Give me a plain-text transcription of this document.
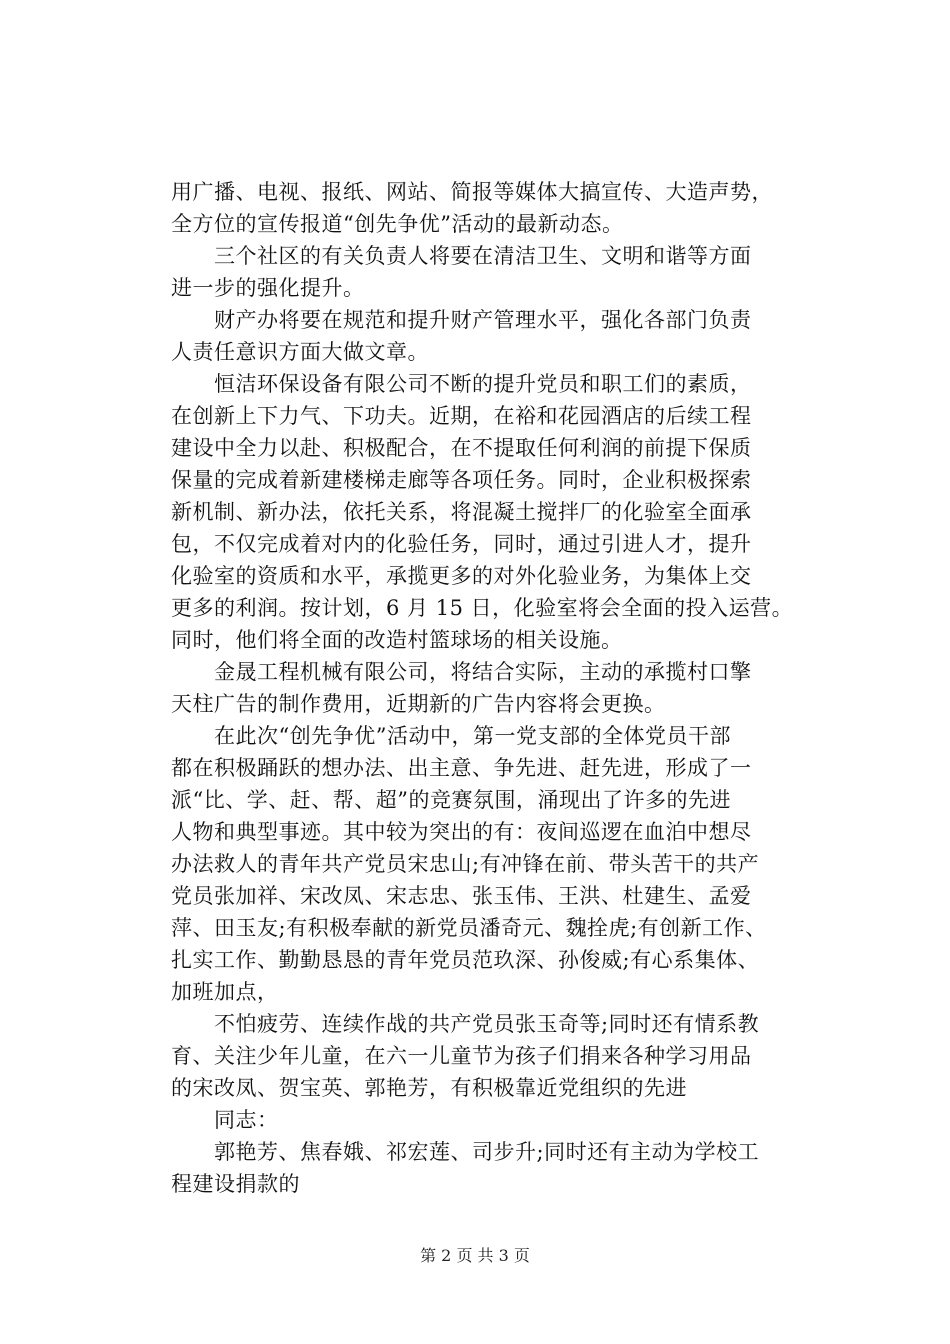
用广播、电视、报纸、网站、简报等媒体大搞宣传、大造声势，
全方位的宣传报道“创先争优”活动的最新动态。
　　三个社区的有关负责人将要在清洁卫生、文明和谐等方面
进一步的强化提升。
　　财产办将要在规范和提升财产管理水平，强化各部门负责
人责任意识方面大做文章。
　　恒洁环保设备有限公司不断的提升党员和职工们的素质，
在创新上下力气、下功夫。近期，在裕和花园酒店的后续工程
建设中全力以赴、积极配合，在不提取任何利润的前提下保质
保量的完成着新建楼梯走廊等各项任务。同时，企业积极探索
新机制、新办法，依托关系，将混凝土搅拌厂的化验室全面承
包，不仅完成着对内的化验任务，同时，通过引进人才，提升
化验室的资质和水平，承揽更多的对外化验业务，为集体上交
更多的利润。按计划，6 月 15 日，化验室将会全面的投入运营。
同时，他们将全面的改造村篮球场的相关设施。
　　金晟工程机械有限公司，将结合实际，主动的承揽村口擎
天柱广告的制作费用，近期新的广告内容将会更换。
　　在此次“创先争优”活动中，第一党支部的全体党员干部
都在积极踊跃的想办法、出主意、争先进、赶先进，形成了一
派“比、学、赶、帮、超”的竞赛氛围，涌现出了许多的先进
人物和典型事迹。其中较为突出的有：夜间巡逻在血泊中想尽
办法救人的青年共产党员宋忠山;有冲锋在前、带头苦干的共产
党员张加祥、宋改凤、宋志忠、张玉伟、王洪、杜建生、孟爱
萍、田玉友;有积极奉献的新党员潘奇元、魏拴虎;有创新工作、
扎实工作、勤勤恳恳的青年党员范玖深、孙俊威;有心系集体、
加班加点，
　　不怕疲劳、连续作战的共产党员张玉奇等;同时还有情系教
育、关注少年儿童，在六一儿童节为孩子们捐来各种学习用品
的宋改凤、贺宝英、郭艳芳，有积极靠近党组织的先进
　　同志：
　　郭艳芳、焦春娥、祁宏莲、司步升;同时还有主动为学校工
程建设捐款的
第 2 页 共 3 页
